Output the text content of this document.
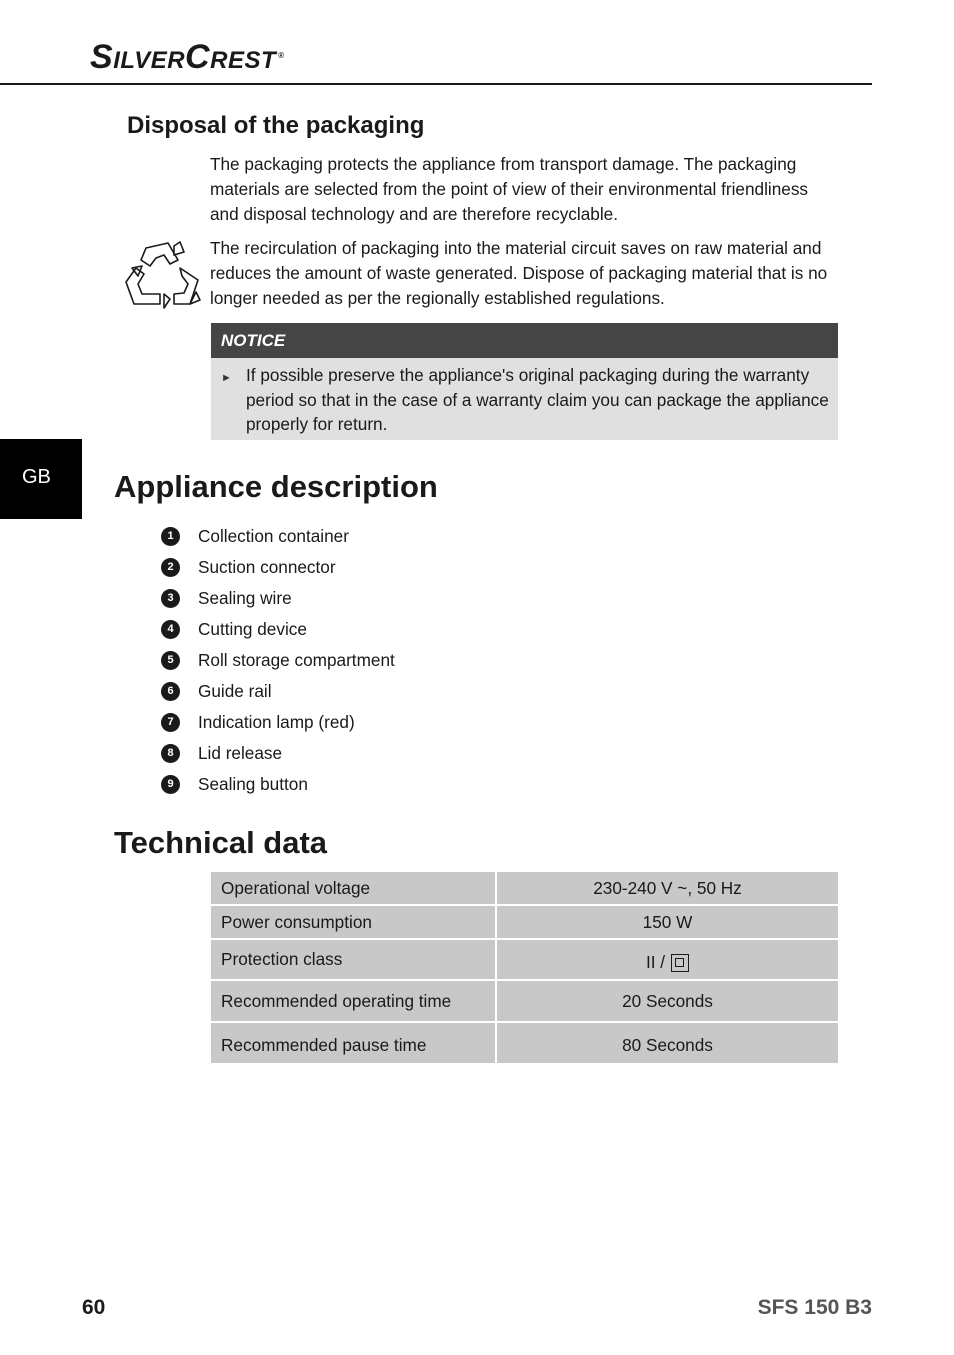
SILVERCREST ®
Disposal of the packaging

The packaging protects the appliance from transport damage. The packaging materials are selected from the point of view of their environmental friendliness and disposal technology and are therefore recyclable.

The recirculation of packaging into the material circuit saves on raw material and reduces the amount of waste generated. Dispose of packaging material that is no longer needed as per the regionally established regulations.

NOTICE
► If possible preserve the appliance's original packaging during the warranty period so that in the case of a warranty claim you can package the appliance properly for return.
GB Appliance description
1	Collection container
2	Suction connector
3	Sealing wire
4	Cutting device
5	Roll storage compartment
6	Guide rail
7	Indication lamp (red)
8	Lid release
9	Sealing button
Technical data
Operational voltage	230-240 V ~, 50 Hz
Power consumption	150 W
Protection class	II /
Recommended operating time	20 Seconds
Recommended pause time	80 Seconds
60	SFS 150 B3
